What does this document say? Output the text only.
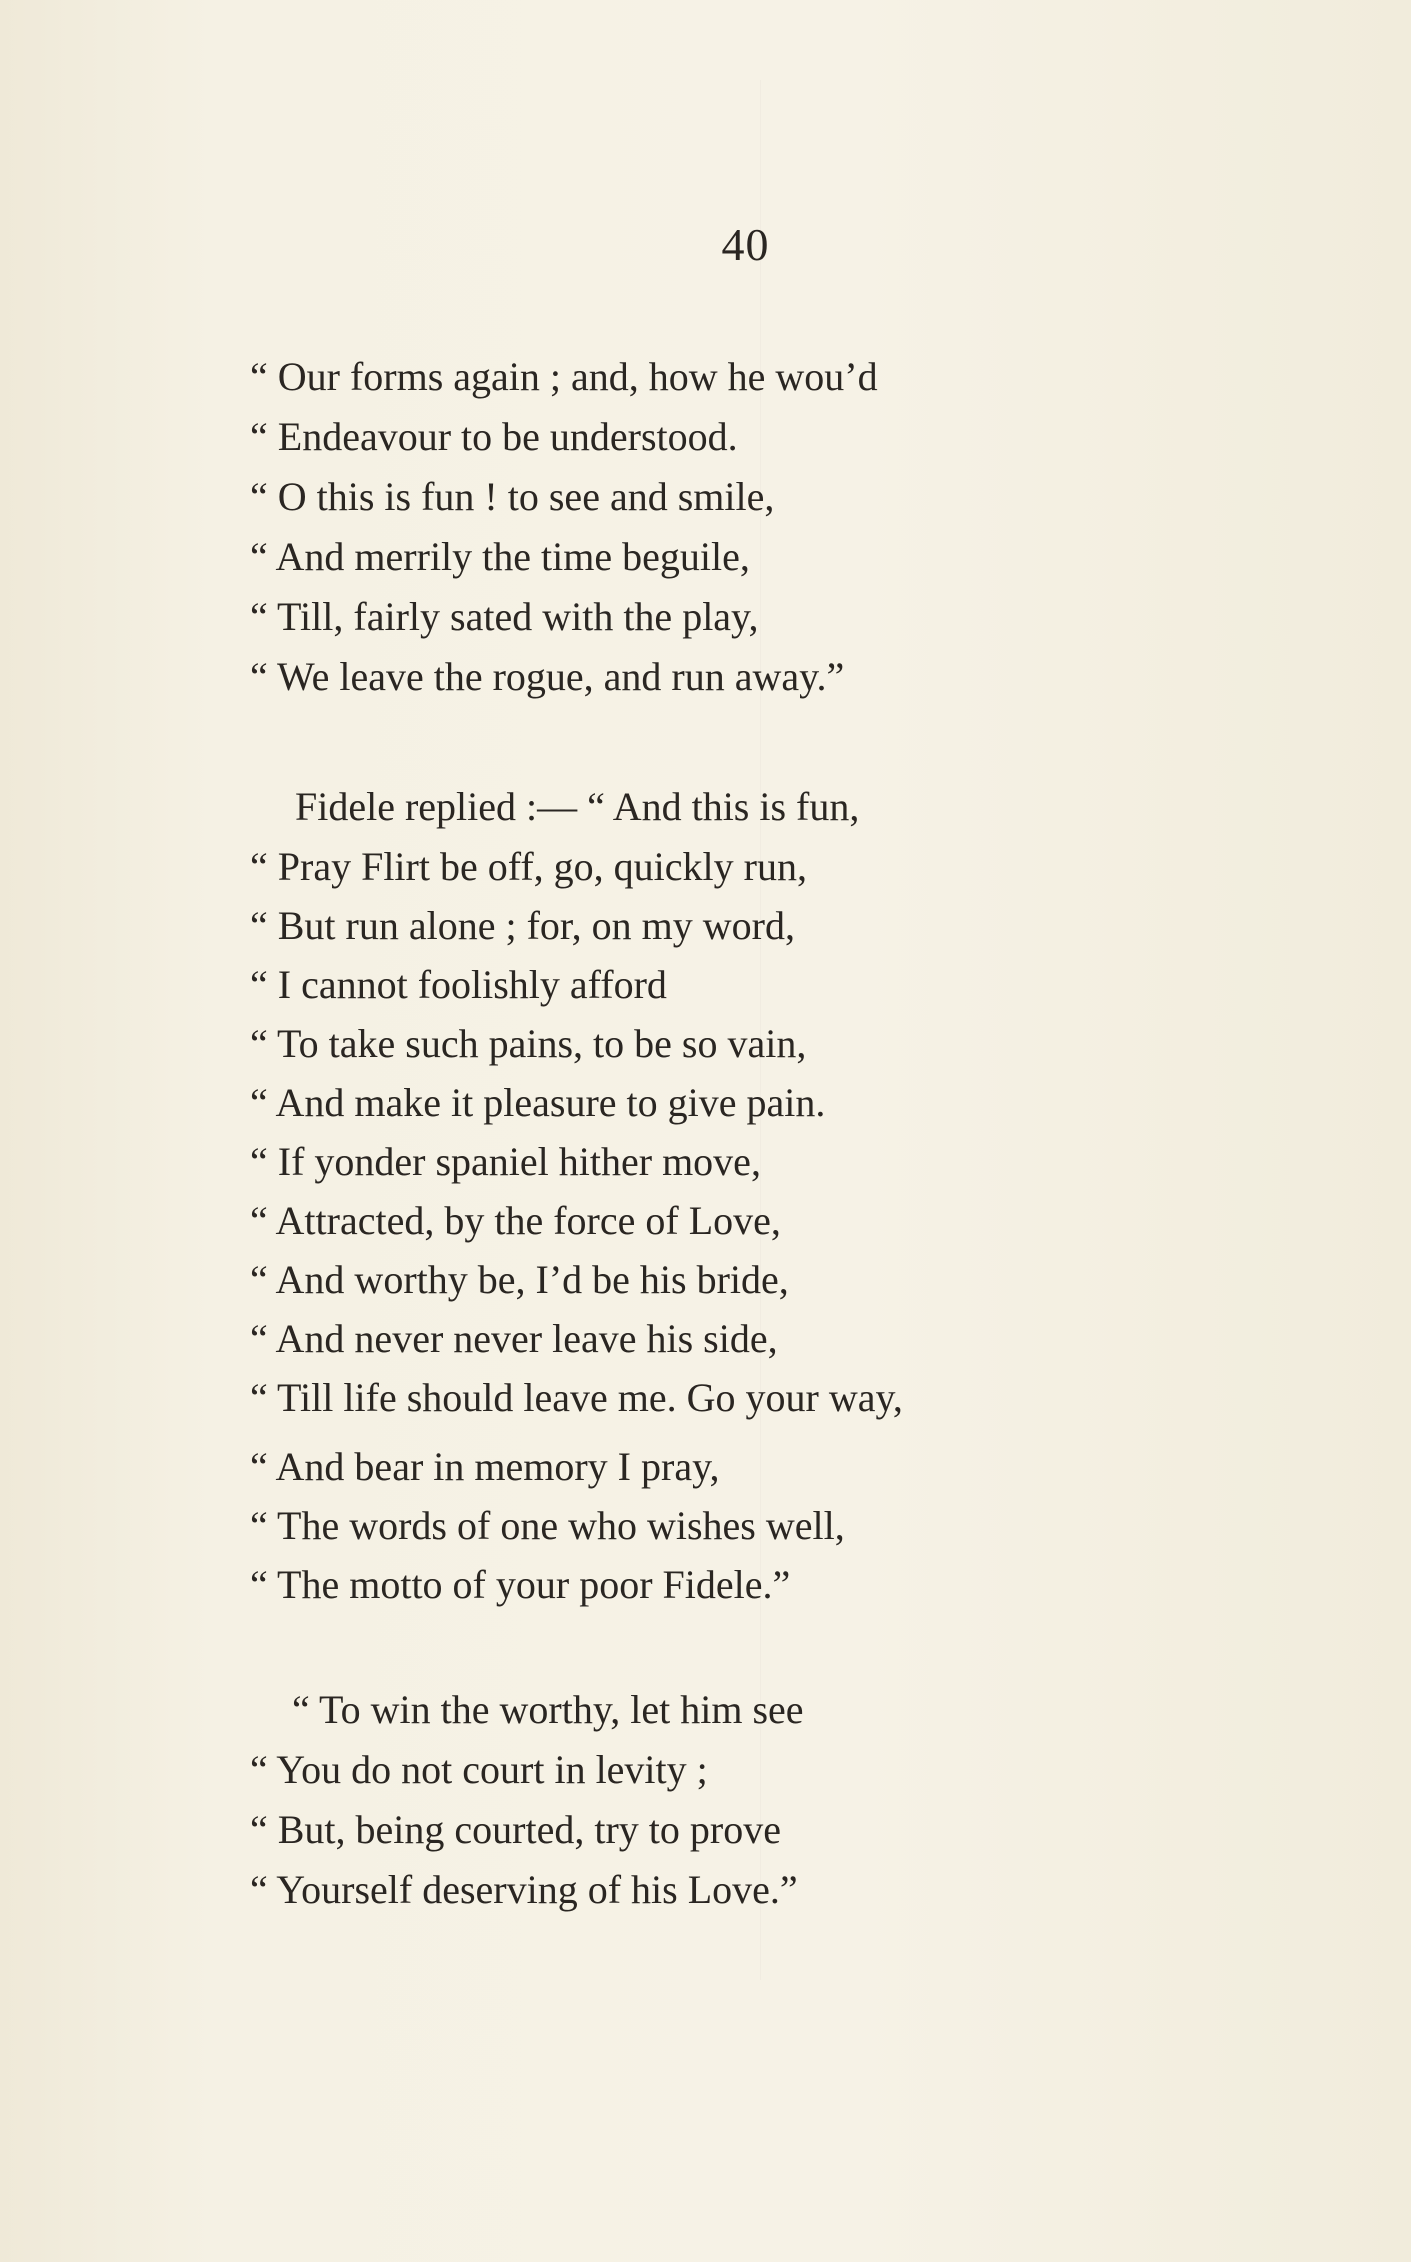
40
“ Our forms again ; and, how he wou’d
“ Endeavour to be understood.
“ O this is fun ! to see and smile,
“ And merrily the time beguile,
“ Till, fairly sated with the play,
“ We leave the rogue, and run away.”
Fidele replied :— “ And this is fun,
“ Pray Flirt be off, go, quickly run,
“ But run alone ; for, on my word,
“ I cannot foolishly afford
“ To take such pains, to be so vain,
“ And make it pleasure to give pain.
“ If yonder spaniel hither move,
“ Attracted, by the force of Love,
“ And worthy be, I’d be his bride,
“ And never never leave his side,
“ Till life should leave me. Go your way,
“ And bear in memory I pray,
“ The words of one who wishes well,
“ The motto of your poor Fidele.”
“ To win the worthy, let him see
“ You do not court in levity ;
“ But, being courted, try to prove
“ Yourself deserving of his Love.”
